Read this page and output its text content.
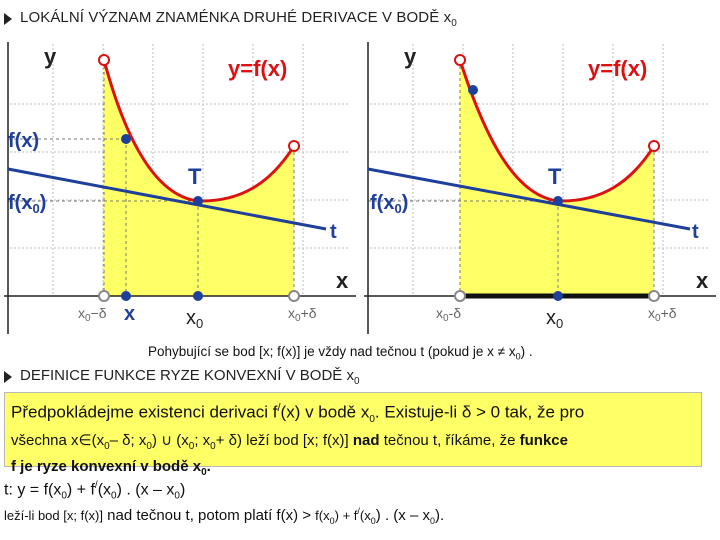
LOKÁLNÍ VÝZNAM ZNAMÉNKA DRUHÉ DERIVACE V BODĚ $x_0$
y
x
y=f(x)
f(x)
$f(x_0)$
T
t
$x_0-\delta$ x	$x_0$
$x_0+\delta$
y
x
y=f(x)
$f(x_0)$
T
t
$x_0-\delta$	$x_0$
$x_0+\delta$
Pohybující se bod [x; f(x)] je vždy nad tečnou t (pokud je $x \ne x_0$) .
DEFINICE FUNKCE RYZE KONVEXNÍ V BODĚ $x_0$
Předpokládejme existenci derivaci f/(x) v bodě $x_0$. Existuje-li δ > 0 tak, že pro
všechna $x\in(x_0-$ δ; $x_0$) ∪ ($x_0$; $x_0+ \delta$) leží bod [x; f(x)] nad tečnou t, říkáme, že funkce
f je ryze konvexní v bodě $x_0$.
t: $y = f(x_0) + f^/(x_0)$ . $(x - x_0)$
leží-li bod [x; f(x)] nad tečnou t, potom platí $f(x) > f(x_0) + f^/(x_0)$ . $(x - x_0)$.
